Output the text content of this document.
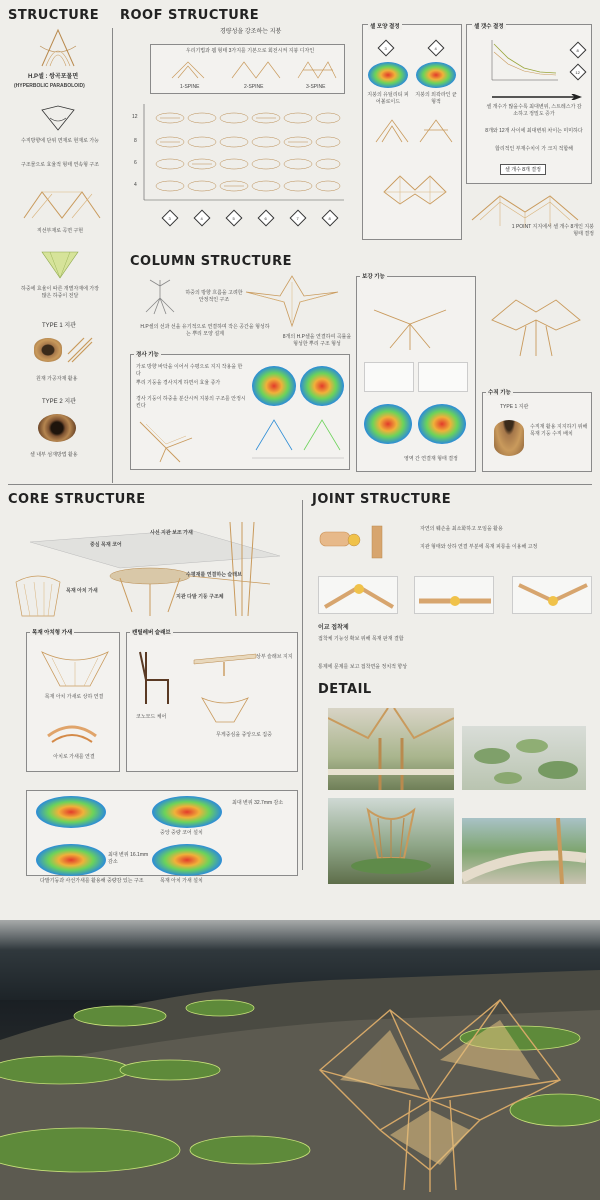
STRUCTURE ROOF STRUCTURE
COLUMN STRUCTURE
CORE STRUCTURE	JOINT STRUCTURE
DETAIL
H.P셀 : 쌍곡포물면
(HYPERBOLIC PARABOLOID)
수직방향에 단위 면재로 현재로 가능
구조물으로 효율적 형태 연속형 구조
직선부재로 곡면 구현
하중에 효율이 따른 개별자재에 가장 많은 하중이 전달
TYPE 1 지관
원재 가공자재 활용
TYPE 2 지관
셀 내부 섬재방법 활용
경량성을 강조하는 지붕
우리기법과 웹 형태 3가지를 기본으로 회전시켜 지붕 디자인
1-SPINE	2-SPINE	3-SPINE
12
8
6
4
3	4	5	6	7	8
셀 모양 결정
3	4
지붕의 유틸리티 피어볼로이드
지붕의 외곽라인 균형적
셀 갯수 결정
8
12
셀 개수가 많을수록 최대변위, 스트레스가 감소하고 정밀도 증가
8개와 12개 사이에 최대변위 차이는 미미하다
합리적인 부재수치이 가 크지 적합해
셀 개수 8개 결정
1 POINT 지지에서 셀 개수 8개인 지붕형태 결정
하중의 방향 흐름을 고려한 안정적인 구조
H.P셀의 선과 선을 유기적으로 연결하며 작은 공간을 형성하는 뿌리 모양 설계
8개의 H.P셀을 연결하여 곡률을 형성한 뿌리 구조 형성
경사 기능
가로 방향 바닥을 이어서 수평으로 지지 작용을 한다
뿌리 기둥을 경사지게 하면서 효율 증가
경사 기둥이 하중을 분산시켜 지붕의 구조를 안정시킨다
보강 기능
영역 간 연결재 형태 결정
수직 기능
TYPE 1 지관
수직재 활용 지지하기 위해 목재 기둥 수직 배치
중심 목재 코어
사선 지관 보조 가새
목재 아치 가새
수평재를 연결하는 슬래브
지관 다발 기둥 구조체
목재 아치형 가새
목재 아치 가새로 상하 연결
아치로 가새를 연결
캔틸레버 슬래브
코노모드 체어
상부 슬래브 지지
무게중심을 중앙으로 집중
최대 변위 32.7mm 감소
중앙 중량 코어 설치
최대 변위 16.1mm 감소
목재 아치 가새 설치
다발기둥과 사선가새를 활용해 중량감 있는 구조
자연의 훼손을 최소화하고 모임을 활용
지관 형태와 상하 연결 부분에 목재 피롱을 이용해 고정
이교 접착제
접착체 기능성 확보 위해 목재 판재 결합
통제에 문제를 보고 접착면을 정치적 향상
